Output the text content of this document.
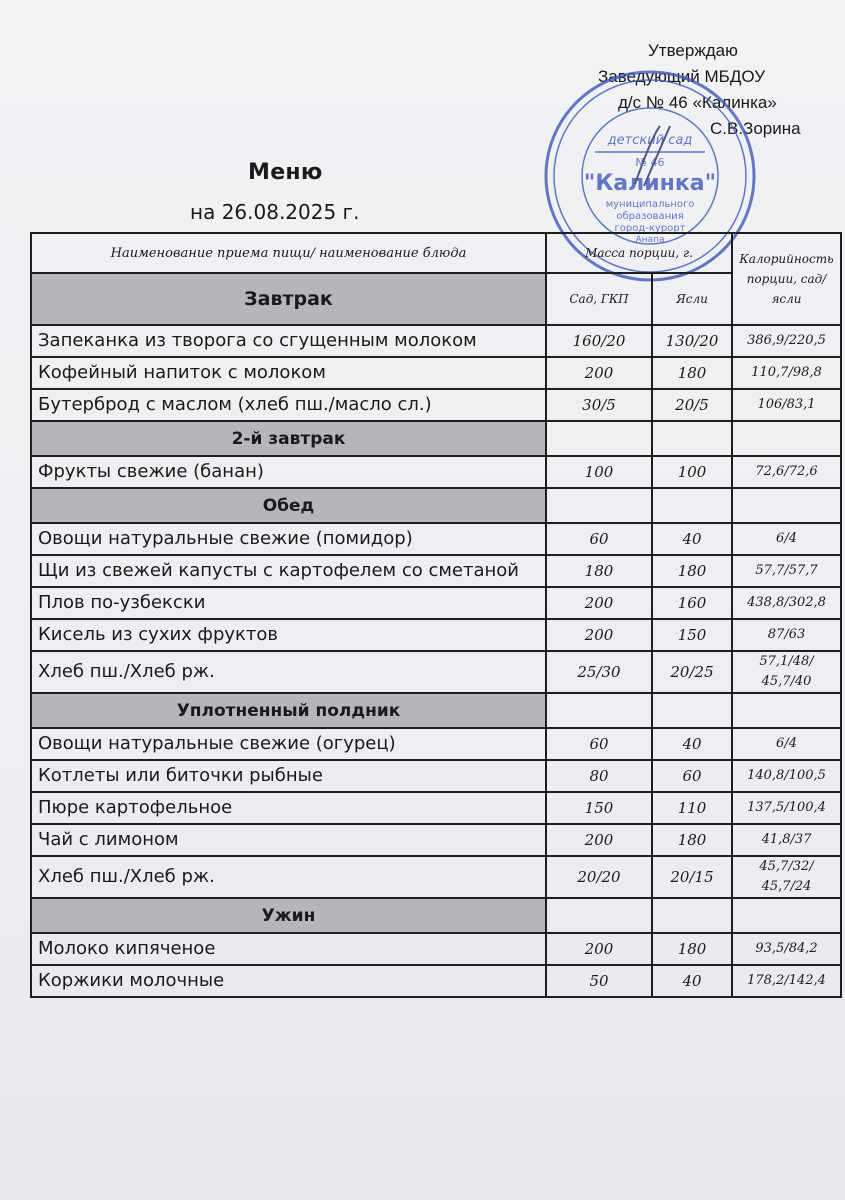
Утверждаю
Заведующий МБДОУ
д/с № 46 «Калинка»
С.В.Зорина
детский сад
№ 46
"Калинка"
муниципального
образования
город-курорт
Анапа
Меню
на 26.08.2025 г.
Наименование приема пищи/ наименование блюда	Масса порции, г.		Калорийность порции, сад/ясли
Завтрак	Сад, ГКП	Ясли	
Запеканка из творога со сгущенным молоком	160/20	130/20	386,9/220,5
Кофейный напиток с молоком	200	180	110,7/98,8
Бутерброд с маслом (хлеб пш./масло сл.)	30/5	20/5	106/83,1
2-й завтрак			
Фрукты свежие (банан)	100	100	72,6/72,6
Обед			
Овощи натуральные свежие (помидор)	60	40	6/4
Щи из свежей капусты с картофелем со сметаной	180	180	57,7/57,7
Плов по-узбекски	200	160	438,8/302,8
Кисель из сухих фруктов	200	150	87/63
Хлеб пш./Хлеб рж.	25/30	20/25	57,1/48/ 45,7/40
Уплотненный полдник			
Овощи натуральные свежие (огурец)	60	40	6/4
Котлеты или биточки рыбные	80	60	140,8/100,5
Пюре картофельное	150	110	137,5/100,4
Чай с лимоном	200	180	41,8/37
Хлеб пш./Хлеб рж.	20/20	20/15	45,7/32/ 45,7/24
Ужин			
Молоко кипяченое	200	180	93,5/84,2
Коржики молочные	50	40	178,2/142,4
